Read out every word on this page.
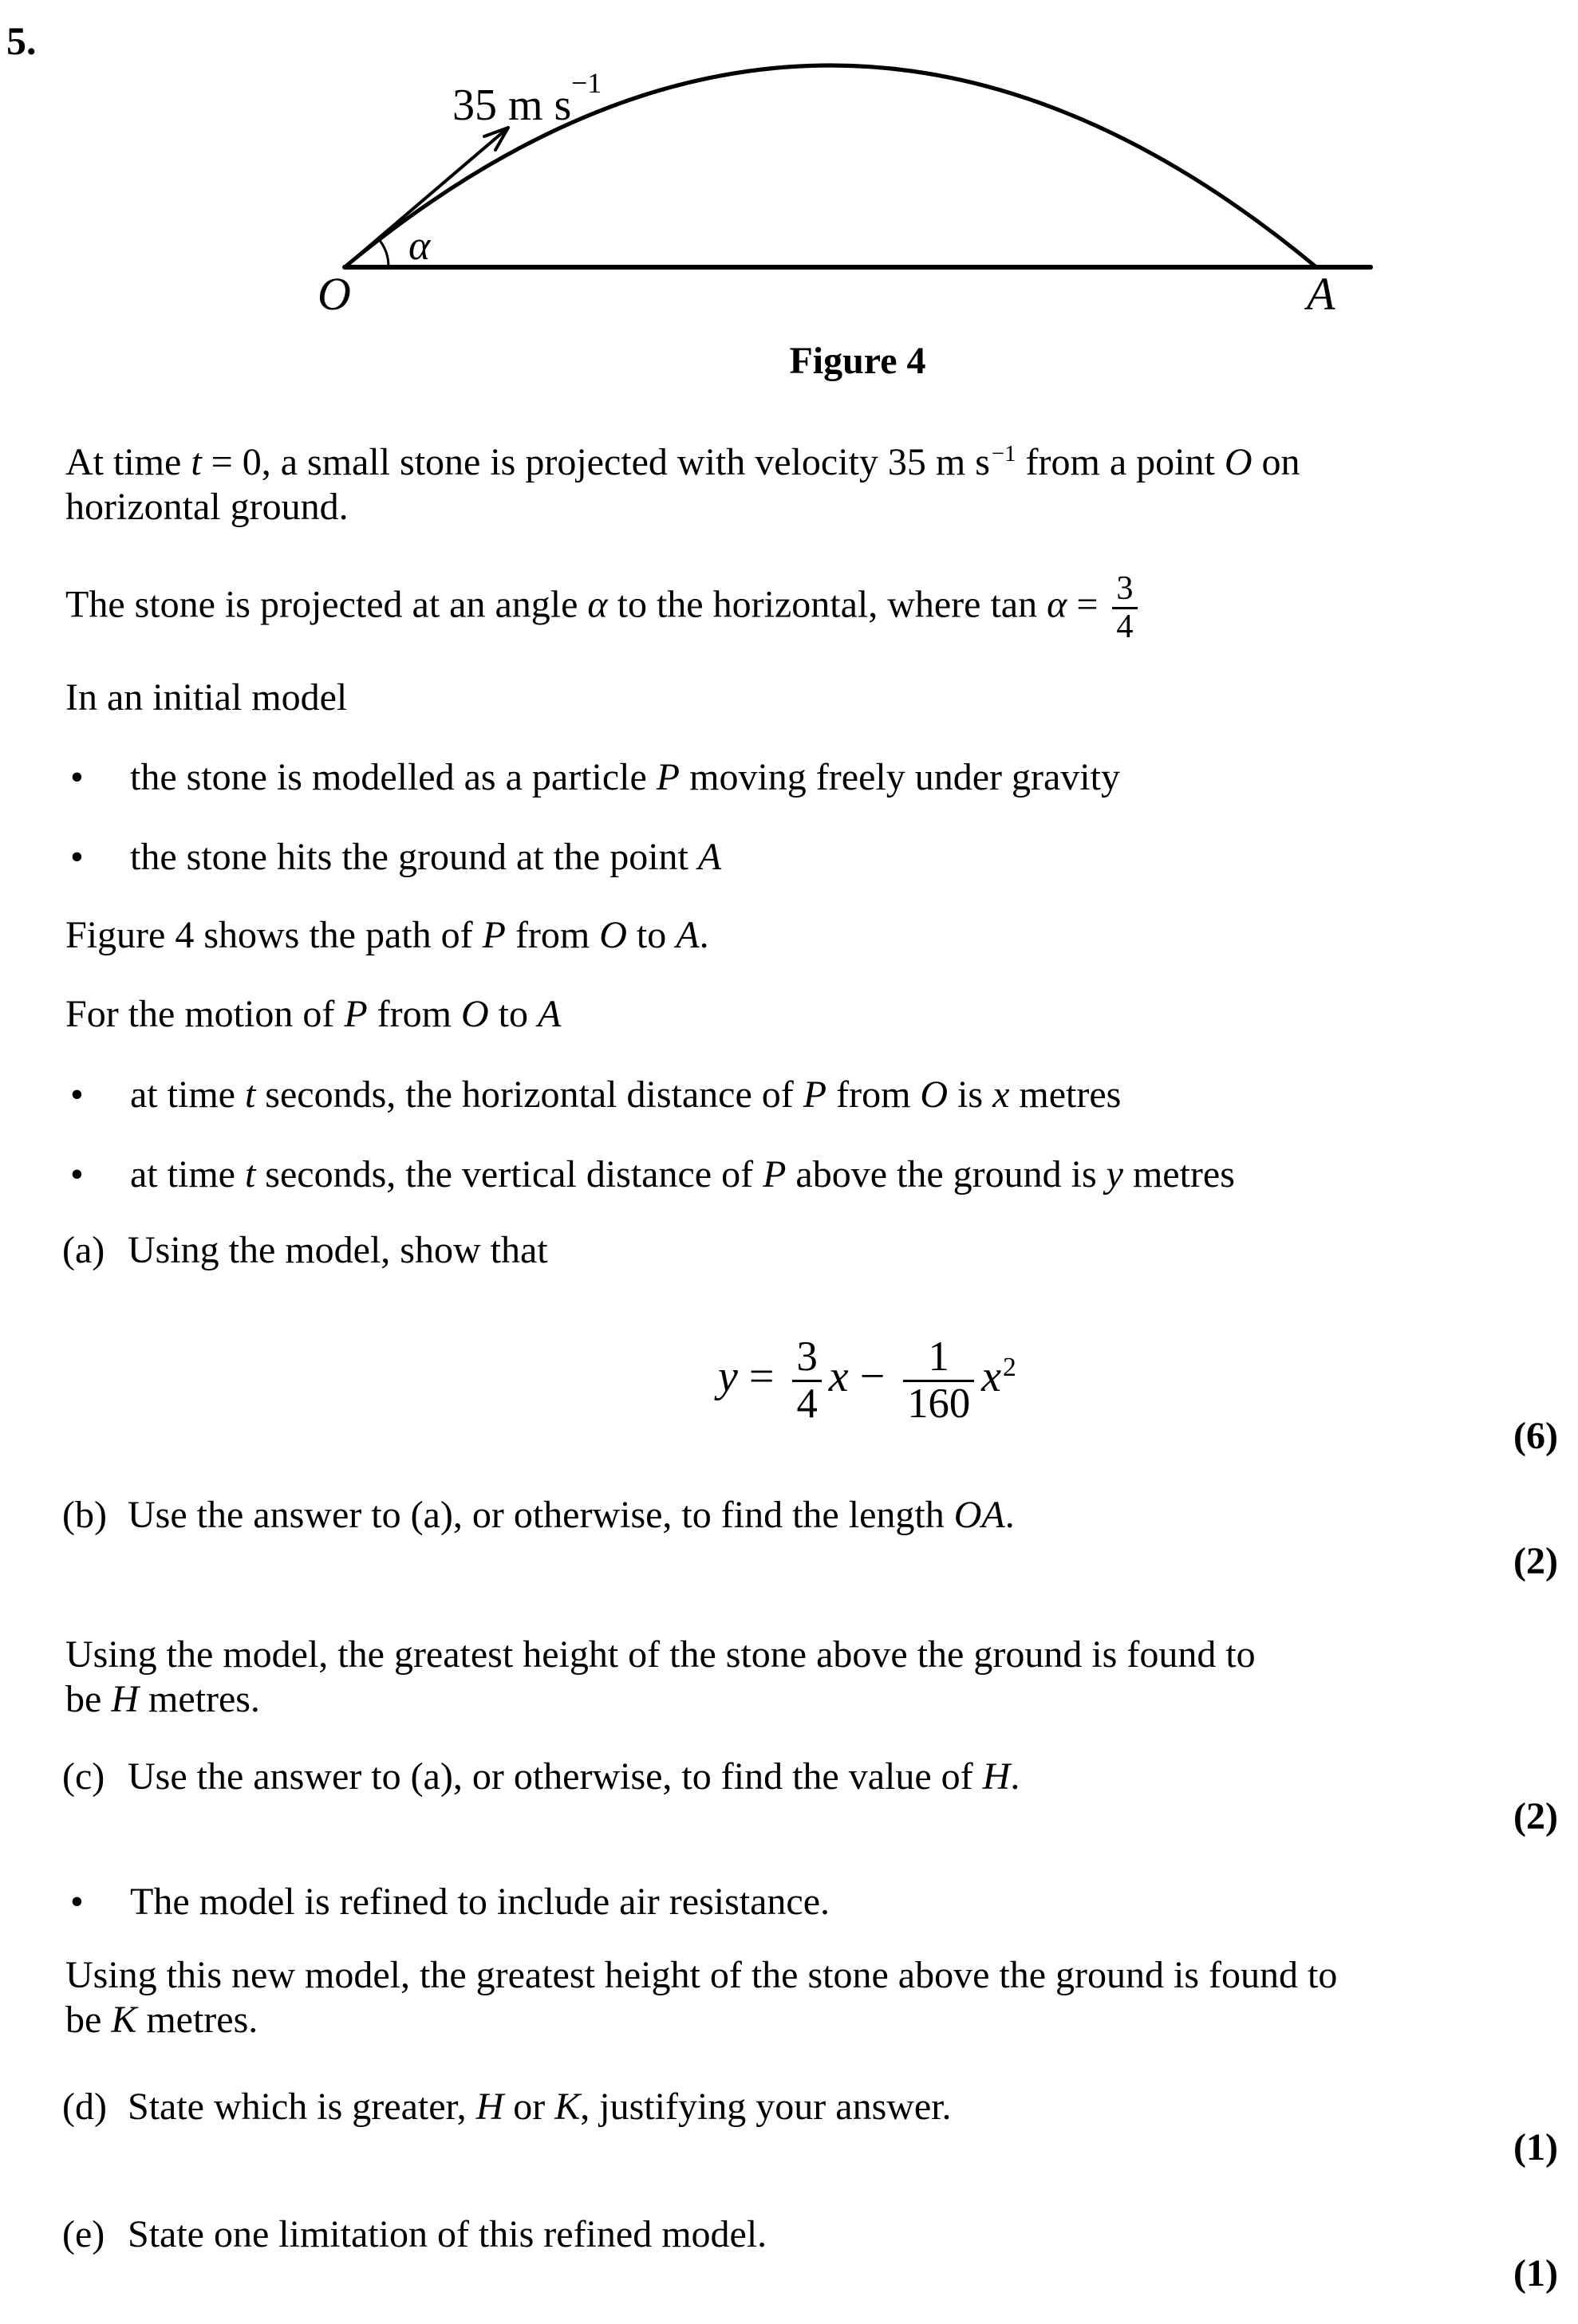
5.
α
35 m s −1
O	A
Figure 4
At time t = 0, a small stone is projected with velocity 35 m $s^{-1}$ from a point O on
horizontal ground.
The stone is projected at an angle α to the horizontal, where $\tan \alpha = \frac{3}{4}$
In an initial model
• the stone is modelled as a particle P moving freely under gravity
• the stone hits the ground at the point A
Figure 4 shows the path of P from O to A.
For the motion of P from O to A
• at time t seconds, the horizontal distance of P from O is x metres
• at time t seconds, the vertical distance of P above the ground is y metres
(a) Using the model, show that
$y = \frac{3}{4}$ $x - \frac{1}{160} x^2$
(b) Use the answer to (a), or otherwise, to find the length OA.
Using the model, the greatest height of the stone above the ground is found to
be H metres.
(c) Use the answer to (a), or otherwise, to find the value of H.
• The model is refined to include air resistance.
Using this new model, the greatest height of the stone above the ground is found to
be K metres.
(d) State which is greater, H or K, justifying your answer.
(e) State one limitation of this refined model.
(6)
(2)
(2)
(1)
(1)
